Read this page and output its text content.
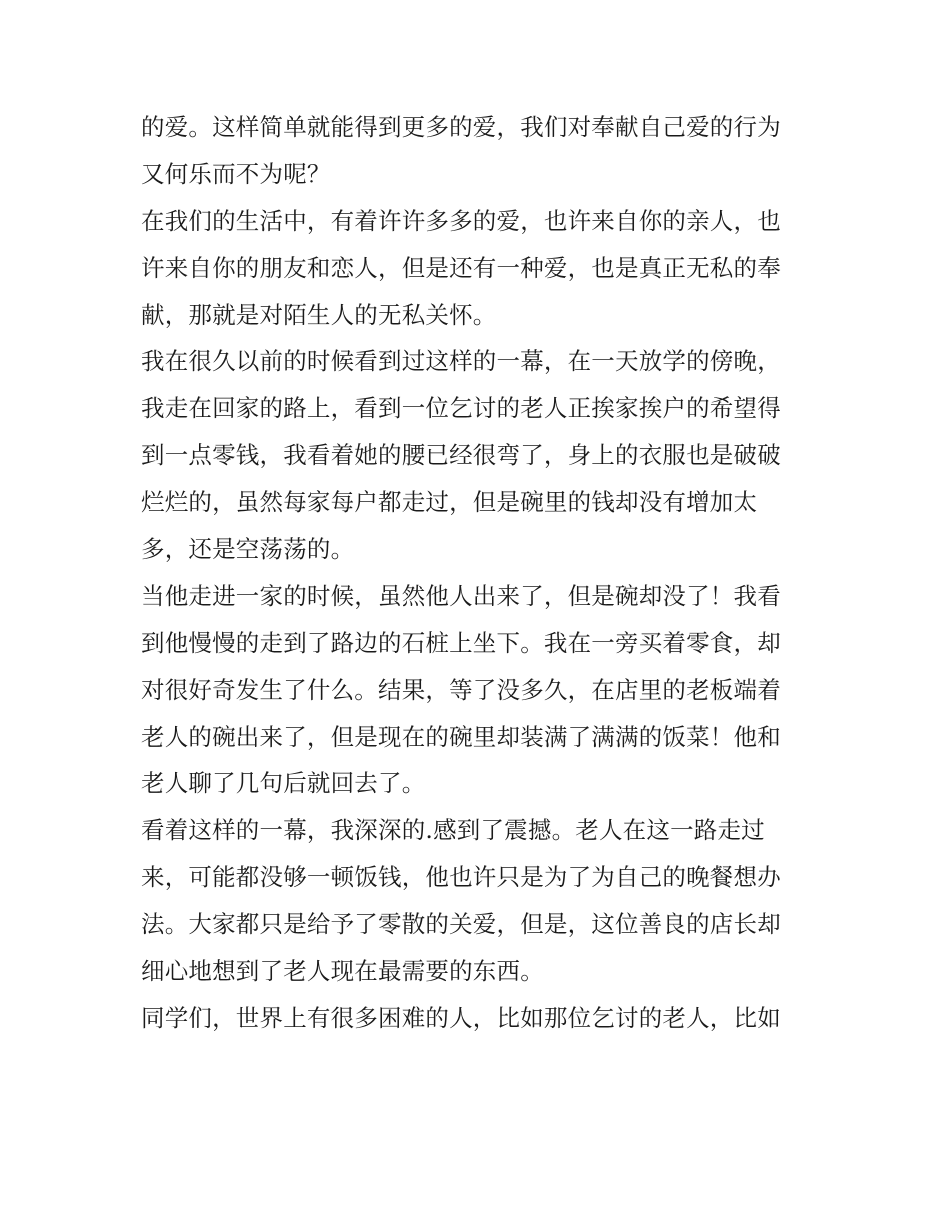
的爱。这样简单就能得到更多的爱，我们对奉献自己爱的行为
又何乐而不为呢？

在我们的生活中，有着许许多多的爱，也许来自你的亲人，也
许来自你的朋友和恋人，但是还有一种爱，也是真正无私的奉
献，那就是对陌生人的无私关怀。

我在很久以前的时候看到过这样的一幕，在一天放学的傍晚，
我走在回家的路上，看到一位乞讨的老人正挨家挨户的希望得
到一点零钱，我看着她的腰已经很弯了，身上的衣服也是破破
烂烂的，虽然每家每户都走过，但是碗里的钱却没有增加太
多，还是空荡荡的。

当他走进一家的时候，虽然他人出来了，但是碗却没了！我看
到他慢慢的走到了路边的石桩上坐下。我在一旁买着零食，却
对很好奇发生了什么。结果，等了没多久，在店里的老板端着
老人的碗出来了，但是现在的碗里却装满了满满的饭菜！他和
老人聊了几句后就回去了。

看着这样的一幕，我深深的.感到了震撼。老人在这一路走过
来，可能都没够一顿饭钱，他也许只是为了为自己的晚餐想办
法。大家都只是给予了零散的关爱，但是，这位善良的店长却
细心地想到了老人现在最需要的东西。

同学们，世界上有很多困难的人，比如那位乞讨的老人，比如
